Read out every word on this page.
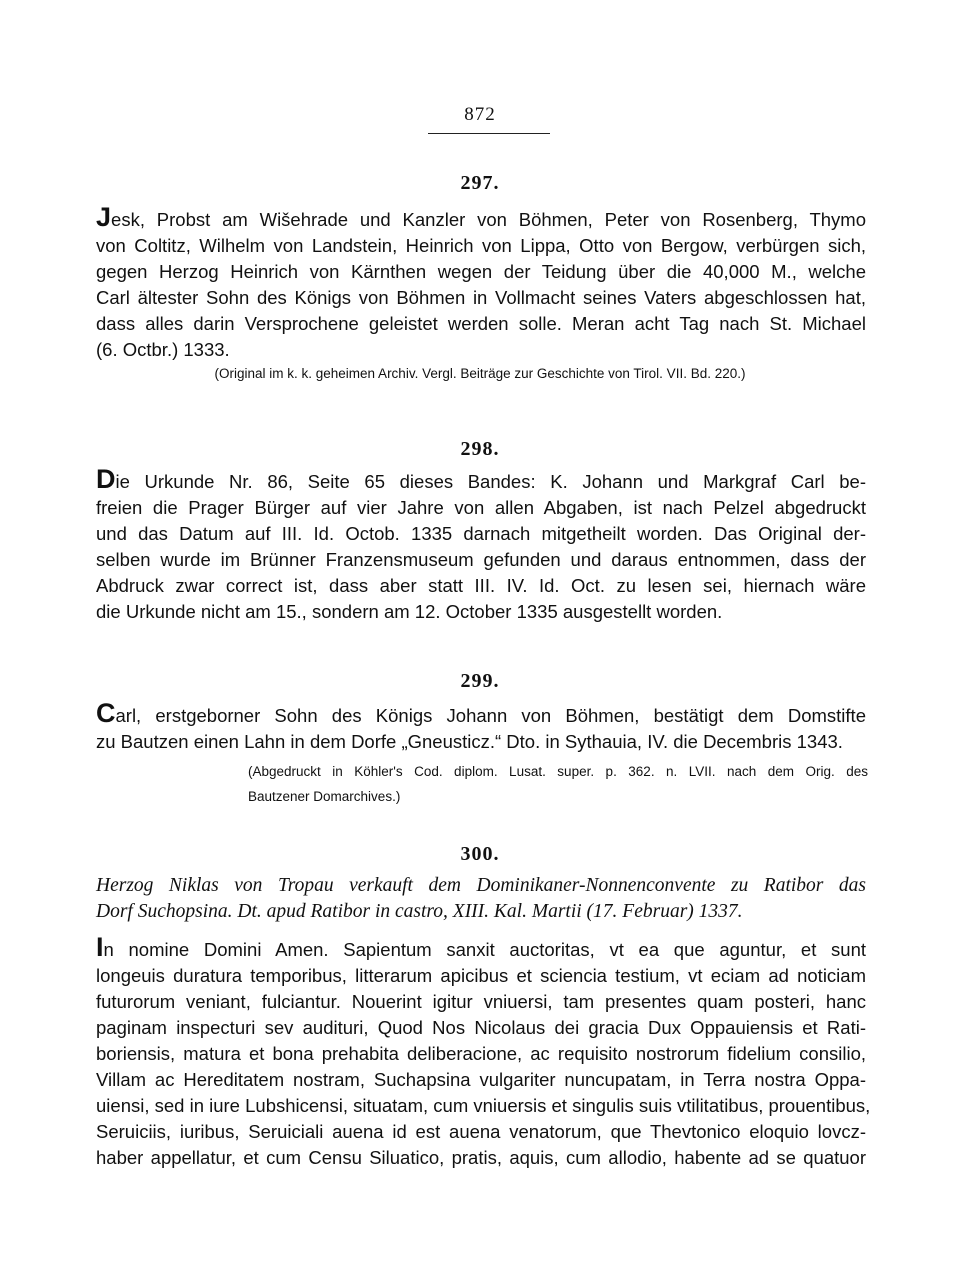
872
297.
Jesk, Probst am Wišehrade und Kanzler von Böhmen, Peter von Rosenberg, Thymo
von Coltitz, Wilhelm von Landstein, Heinrich von Lippa, Otto von Bergow, verbürgen sich,
gegen Herzog Heinrich von Kärnthen wegen der Teidung über die 40,000 M., welche
Carl ältester Sohn des Königs von Böhmen in Vollmacht seines Vaters abgeschlossen hat,
dass alles darin Versprochene geleistet werden solle. Meran acht Tag nach St. Michael
(6. Octbr.) 1333.
(Original im k. k. geheimen Archiv. Vergl. Beiträge zur Geschichte von Tirol. VII. Bd. 220.)
298.
Die Urkunde Nr. 86, Seite 65 dieses Bandes: K. Johann und Markgraf Carl be-
freien die Prager Bürger auf vier Jahre von allen Abgaben, ist nach Pelzel abgedruckt
und das Datum auf III. Id. Octob. 1335 darnach mitgetheilt worden. Das Original der-
selben wurde im Brünner Franzensmuseum gefunden und daraus entnommen, dass der
Abdruck zwar correct ist, dass aber statt III. IV. Id. Oct. zu lesen sei, hiernach wäre
die Urkunde nicht am 15., sondern am 12. October 1335 ausgestellt worden.
299.
Carl, erstgeborner Sohn des Königs Johann von Böhmen, bestätigt dem Domstifte
zu Bautzen einen Lahn in dem Dorfe „Gneusticz.“ Dto. in Sythauia, IV. die Decembris 1343.
(Abgedruckt in Köhler's Cod. diplom. Lusat. super. p. 362. n. LVII. nach dem Orig. des
Bautzener Domarchives.)
300.
Herzog Niklas von Tropau verkauft dem Dominikaner-Nonnenconvente zu Ratibor das
Dorf Suchopsina. Dt. apud Ratibor in castro, XIII. Kal. Martii (17. Februar) 1337.
In nomine Domini Amen. Sapientum sanxit auctoritas, vt ea que aguntur, et sunt
longeuis duratura temporibus, litterarum apicibus et sciencia testium, vt eciam ad noticiam
futurorum veniant, fulciantur. Nouerint igitur vniuersi, tam presentes quam posteri, hanc
paginam inspecturi sev audituri, Quod Nos Nicolaus dei gracia Dux Oppauiensis et Rati-
boriensis, matura et bona prehabita deliberacione, ac requisito nostrorum fidelium consilio,
Villam ac Hereditatem nostram, Suchapsina vulgariter nuncupatam, in Terra nostra Oppa-
uiensi, sed in iure Lubshicensi, situatam, cum vniuersis et singulis suis vtilitatibus, prouentibus,
Seruiciis, iuribus, Seruiciali auena id est auena venatorum, que Thevtonico eloquio lovcz-
haber appellatur, et cum Censu Siluatico, pratis, aquis, cum allodio, habente ad se quatuor
